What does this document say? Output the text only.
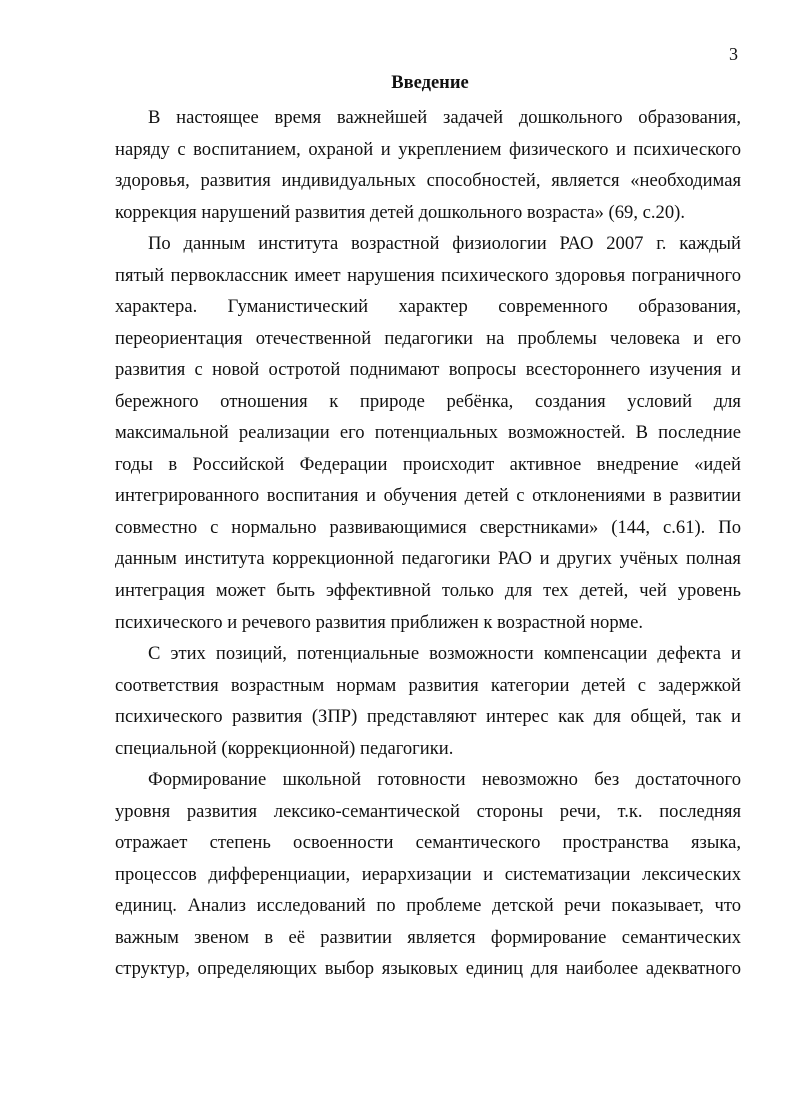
3
Введение
В настоящее время важнейшей задачей дошкольного образования,
наряду с воспитанием, охраной и укреплением физического и психического
здоровья, развития индивидуальных способностей, является «необходимая
коррекция нарушений развития детей дошкольного возраста» (69, с.20).
По данным института возрастной физиологии РАО 2007 г. каждый
пятый первоклассник имеет нарушения психического здоровья пограничного
характера. Гуманистический характер современного образования,
переориентация отечественной педагогики на проблемы человека и его
развития с новой остротой поднимают вопросы всестороннего изучения и
бережного отношения к природе ребёнка, создания условий для
максимальной реализации его потенциальных возможностей. В последние
годы в Российской Федерации происходит активное внедрение «идей
интегрированного воспитания и обучения детей с отклонениями в развитии
совместно с нормально развивающимися сверстниками» (144, с.61). По
данным института коррекционной педагогики РАО и других учёных полная
интеграция может быть эффективной только для тех детей, чей уровень
психического и речевого развития приближен к возрастной норме.
С этих позиций, потенциальные возможности компенсации дефекта и
соответствия возрастным нормам развития категории детей с задержкой
психического развития (ЗПР) представляют интерес как для общей, так и
специальной (коррекционной) педагогики.
Формирование школьной готовности невозможно без достаточного
уровня развития лексико-семантической стороны речи, т.к. последняя
отражает степень освоенности семантического пространства языка,
процессов дифференциации, иерархизации и систематизации лексических
единиц. Анализ исследований по проблеме детской речи показывает, что
важным звеном в её развитии является формирование семантических
структур, определяющих выбор языковых единиц для наиболее адекватного
